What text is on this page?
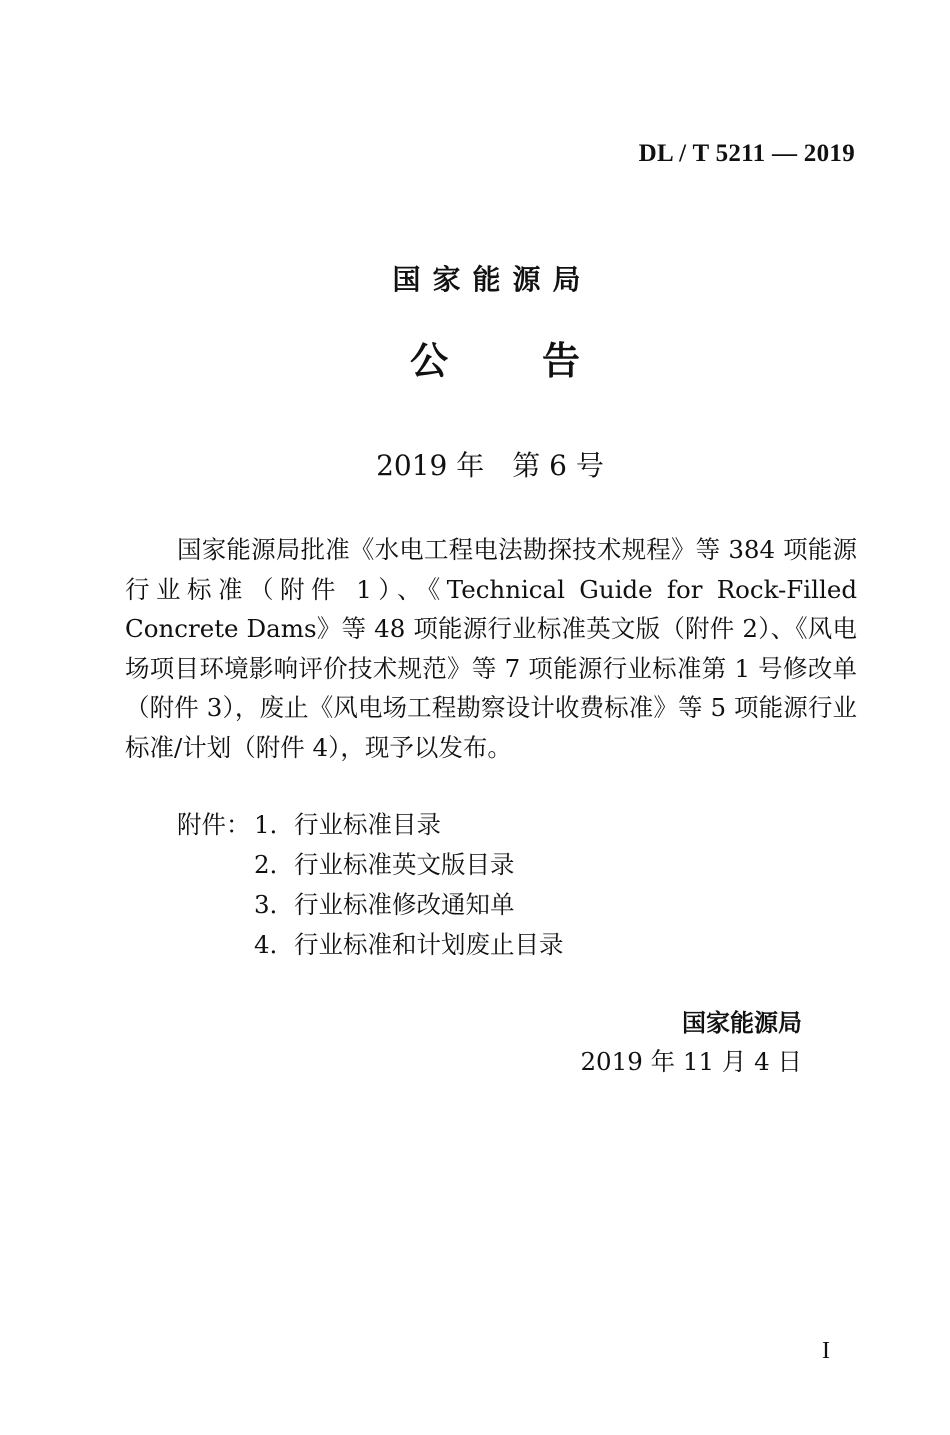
DL / T 5211 — 2019
国家能源局
公 告
2019 年 第 6 号

国家能源局批准《水电工程电法勘探技术规程》等 384 项能源行业标准（附件 1）、《Technical Guide for Rock-Filled Concrete Dams》等 48 项能源行业标准英文版（附件 2）、《风电场项目环境影响评价技术规范》等 7 项能源行业标准第 1 号修改单（附件 3），废止《风电场工程勘察设计收费标准》等 5 项能源行业标准/计划（附件 4），现予以发布。

附件： 1． 行业标准目录
2． 行业标准英文版目录
3． 行业标准修改通知单
4． 行业标准和计划废止目录
国家能源局
2019 年 11 月 4 日
I
